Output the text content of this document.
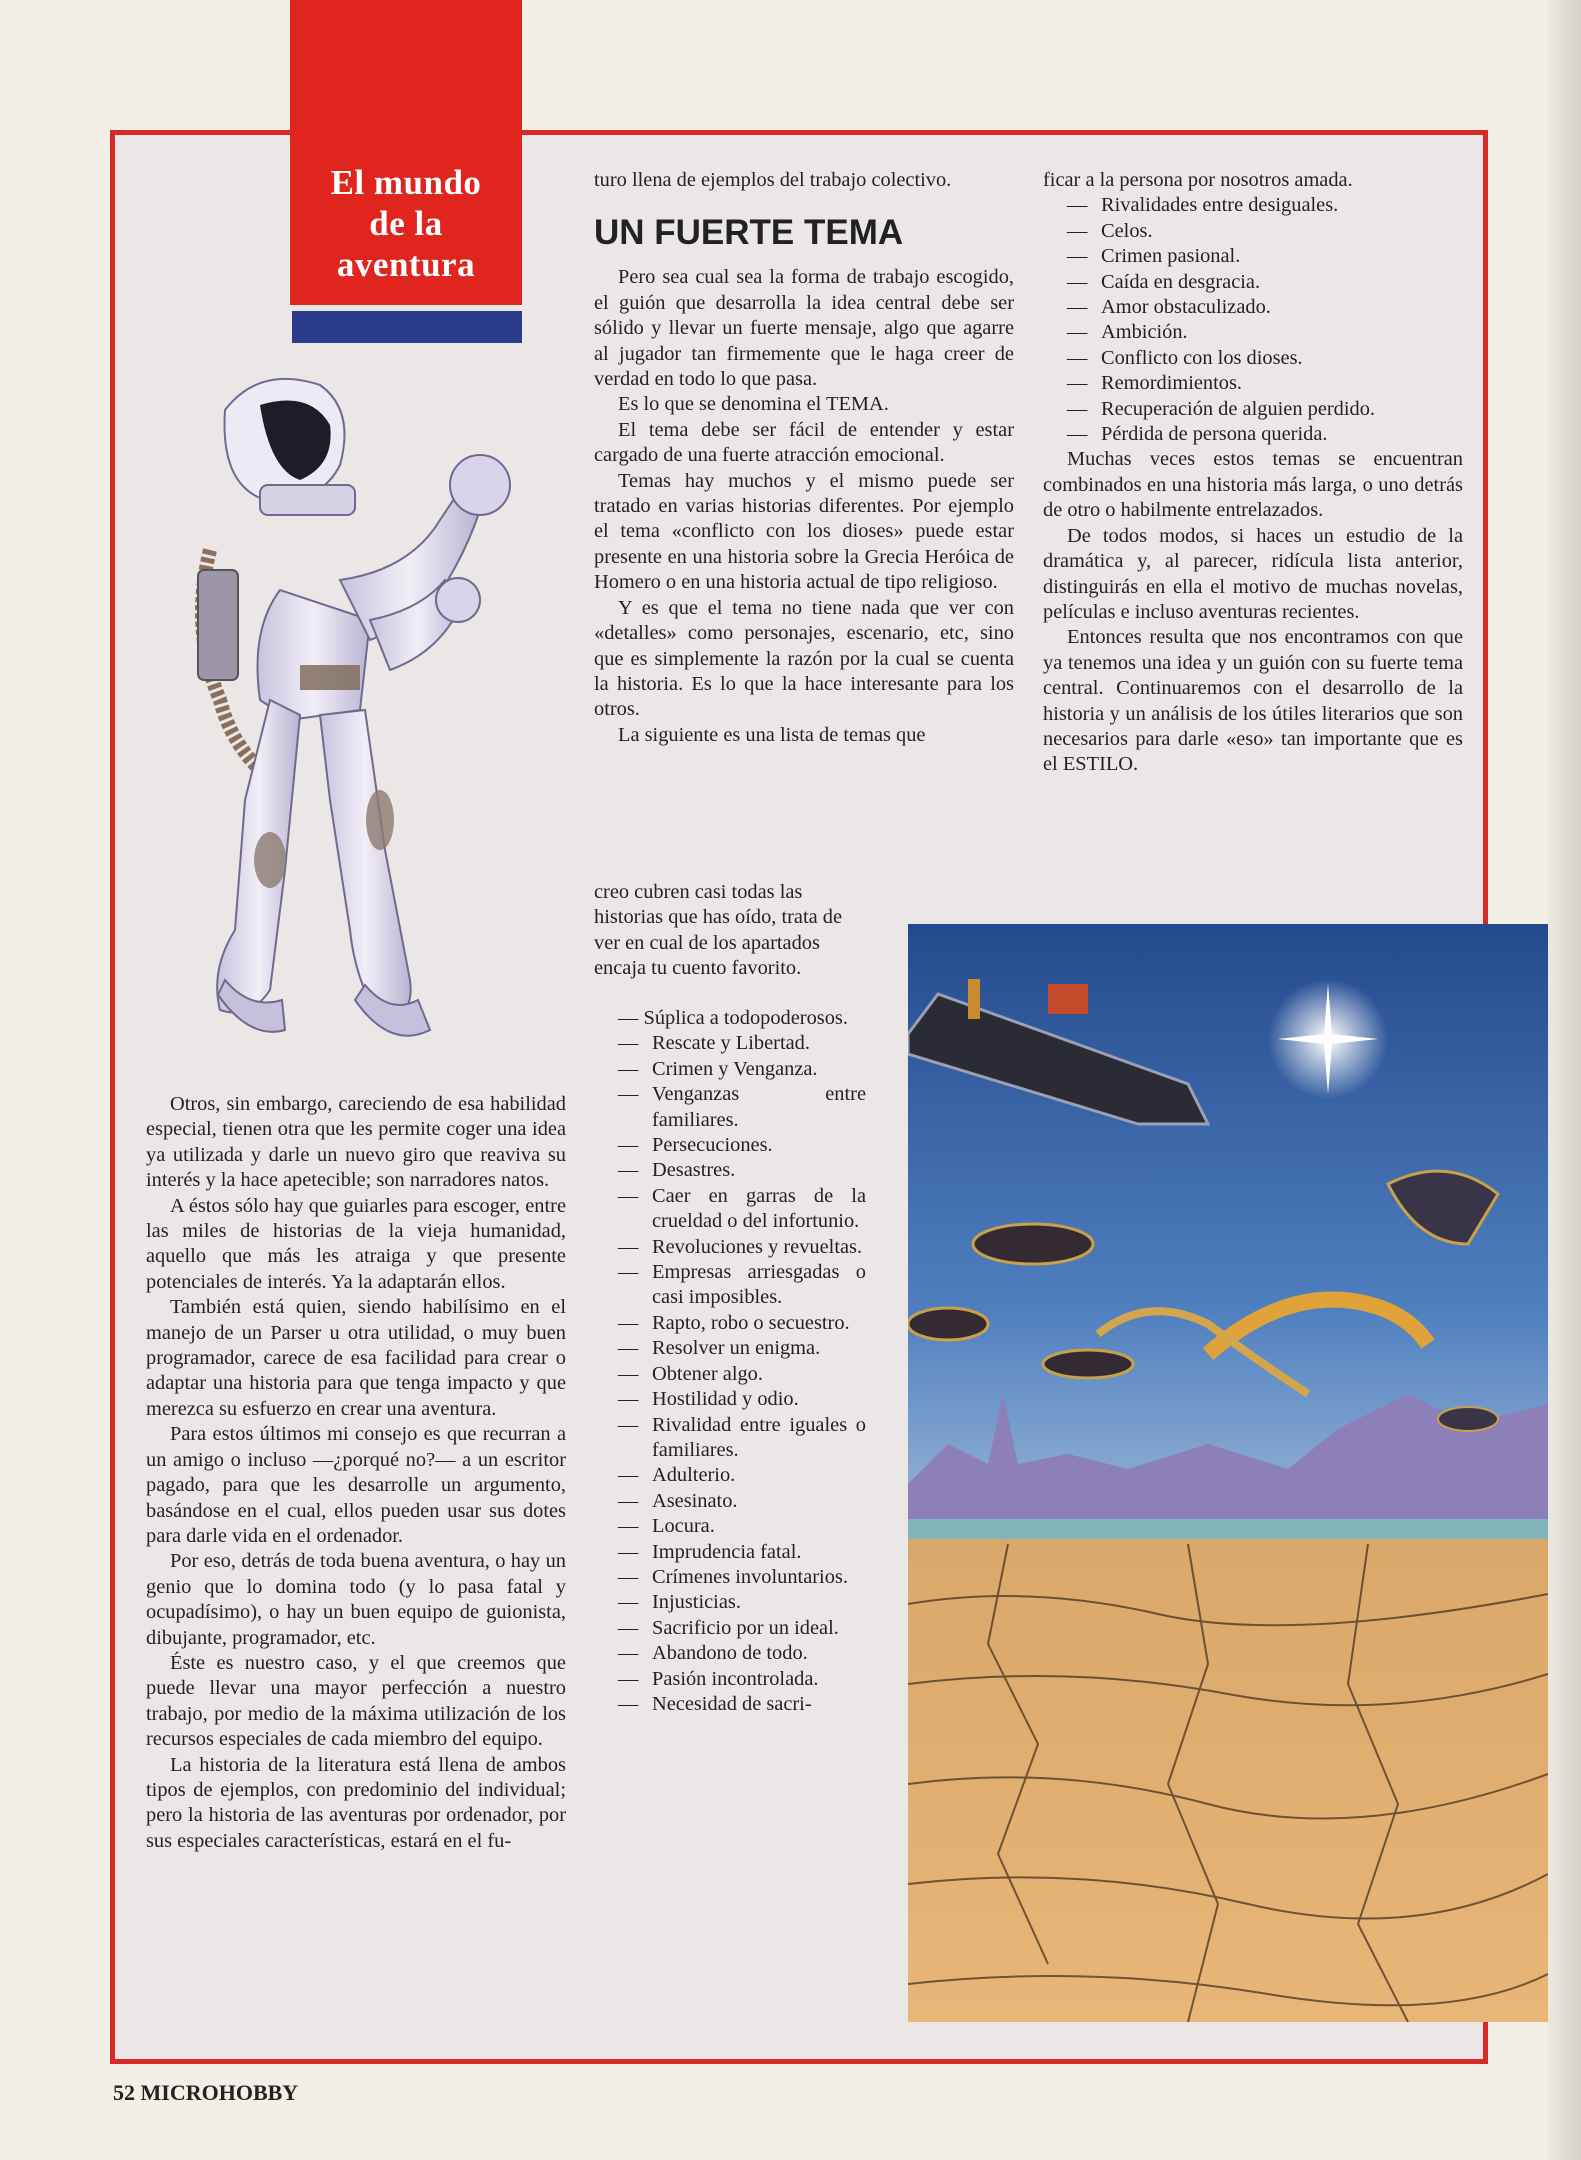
El mundo
de la
aventura

Otros, sin embargo, careciendo de esa habilidad especial, tienen otra que les permite coger una idea ya utilizada y darle un nuevo giro que reaviva su interés y la hace apetecible; son narradores natos.

A éstos sólo hay que guiarles para escoger, entre las miles de historias de la vieja humanidad, aquello que más les atraiga y que presente potenciales de interés. Ya la adaptarán ellos.

También está quien, siendo habilísimo en el manejo de un Parser u otra utilidad, o muy buen programador, carece de esa facilidad para crear o adaptar una historia para que tenga impacto y que merezca su esfuerzo en crear una aventura.

Para estos últimos mi consejo es que recurran a un amigo o incluso —¿porqué no?— a un escritor pagado, para que les desarrolle un argumento, basándose en el cual, ellos pueden usar sus dotes para darle vida en el ordenador.

Por eso, detrás de toda buena aventura, o hay un genio que lo domina todo (y lo pasa fatal y ocupadísimo), o hay un buen equipo de guionista, dibujante, programador, etc.

Éste es nuestro caso, y el que creemos que puede llevar una mayor perfección a nuestro trabajo, por medio de la máxima utilización de los recursos especiales de cada miembro del equipo.

La historia de la literatura está llena de ambos tipos de ejemplos, con predominio del individual; pero la historia de las aventuras por ordenador, por sus especiales características, estará en el fu-

turo llena de ejemplos del trabajo colectivo.

UN FUERTE TEMA

Pero sea cual sea la forma de trabajo escogido, el guión que desarrolla la idea central debe ser sólido y llevar un fuerte mensaje, algo que agarre al jugador tan firmemente que le haga creer de verdad en todo lo que pasa.

Es lo que se denomina el TEMA.

El tema debe ser fácil de entender y estar cargado de una fuerte atracción emocional.

Temas hay muchos y el mismo puede ser tratado en varias historias diferentes. Por ejemplo el tema «conflicto con los dioses» puede estar presente en una historia sobre la Grecia Heróica de Homero o en una historia actual de tipo religioso.

Y es que el tema no tiene nada que ver con «detalles» como personajes, escenario, etc, sino que es simplemente la razón por la cual se cuenta la historia. Es lo que la hace interesante para los otros.

La siguiente es una lista de temas que

creo cubren casi todas las historias que has oído, trata de ver en cual de los apartados encaja tu cuento favorito.

— Súplica a todopoderosos.

— Rescate y Libertad.
— Crimen y Venganza.
— Venganzas entre familiares.
— Persecuciones.
— Desastres.
— Caer en garras de la crueldad o del infortunio.
— Revoluciones y revueltas.
— Empresas arriesgadas o casi imposibles.
— Rapto, robo o secuestro.
— Resolver un enigma.
— Obtener algo.
— Hostilidad y odio.
— Rivalidad entre iguales o familiares.
— Adulterio.
— Asesinato.
— Locura.
— Imprudencia fatal.
— Crímenes involuntarios.
— Injusticias.
— Sacrificio por un ideal.
— Abandono de todo.
— Pasión incontrolada.
— Necesidad de sacri-

ficar a la persona por nosotros amada.

— Rivalidades entre desiguales.
— Celos.
— Crimen pasional.
— Caída en desgracia.
— Amor obstaculizado.
— Ambición.
— Conflicto con los dioses.
— Remordimientos.
— Recuperación de alguien perdido.
— Pérdida de persona querida.

Muchas veces estos temas se encuentran combinados en una historia más larga, o uno detrás de otro o habilmente entrelazados.

De todos modos, si haces un estudio de la dramática y, al parecer, ridícula lista anterior, distinguirás en ella el motivo de muchas novelas, películas e incluso aventuras recientes.

Entonces resulta que nos encontramos con que ya tenemos una idea y un guión con su fuerte tema central. Continuaremos con el desarrollo de la historia y un análisis de los útiles literarios que son necesarios para darle «eso» tan importante que es el ESTILO.

52 MICROHOBBY
